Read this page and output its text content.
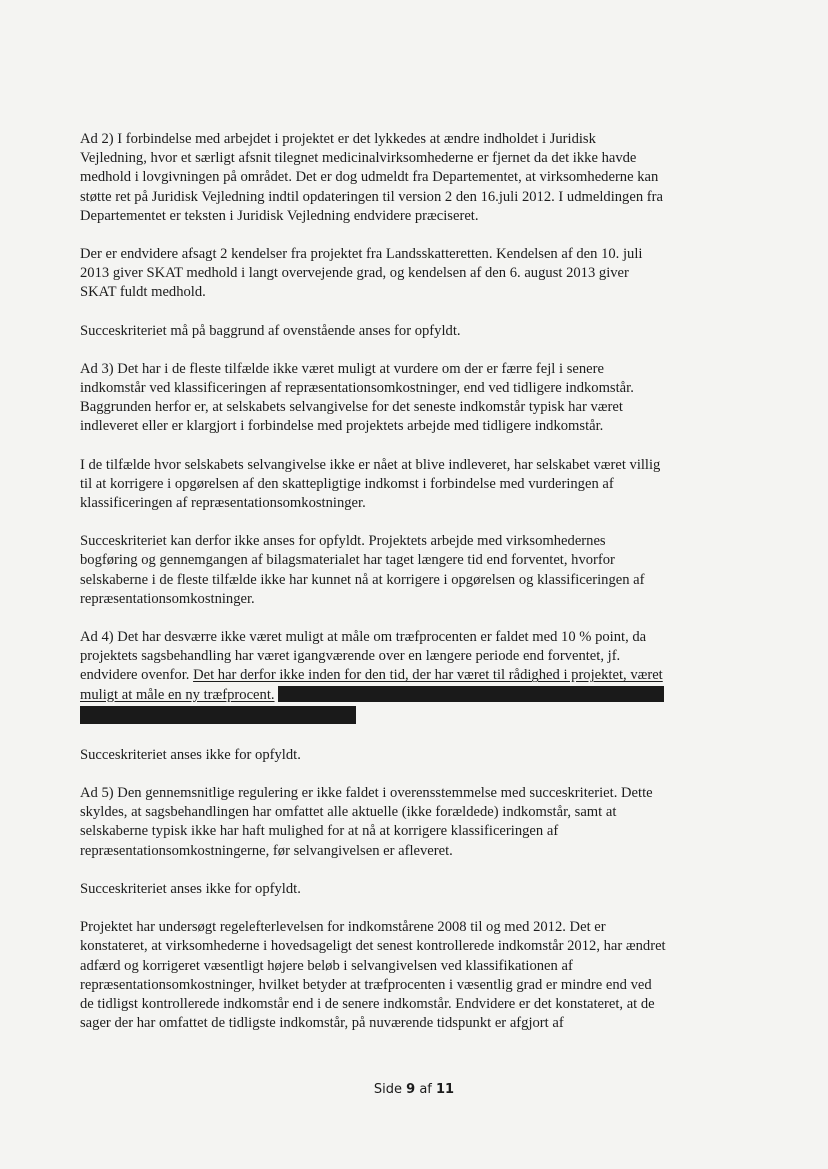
Ad 2) I forbindelse med arbejdet i projektet er det lykkedes at ændre indholdet i Juridisk
Vejledning, hvor et særligt afsnit tilegnet medicinalvirksomhederne er fjernet da det ikke havde
medhold i lovgivningen på området. Det er dog udmeldt fra Departementet, at virksomhederne kan
støtte ret på Juridisk Vejledning indtil opdateringen til version 2 den 16.juli 2012. I udmeldingen fra
Departementet er teksten i Juridisk Vejledning endvidere præciseret.

Der er endvidere afsagt 2 kendelser fra projektet fra Landsskatteretten. Kendelsen af den 10. juli
2013 giver SKAT medhold i langt overvejende grad, og kendelsen af den 6. august 2013 giver
SKAT fuldt medhold.

Succeskriteriet må på baggrund af ovenstående anses for opfyldt.

Ad 3) Det har i de fleste tilfælde ikke været muligt at vurdere om der er færre fejl i senere
indkomstår ved klassificeringen af repræsentationsomkostninger, end ved tidligere indkomstår.
Baggrunden herfor er, at selskabets selvangivelse for det seneste indkomstår typisk har været
indleveret eller er klargjort i forbindelse med projektets arbejde med tidligere indkomstår.

I de tilfælde hvor selskabets selvangivelse ikke er nået at blive indleveret, har selskabet været villig
til at korrigere i opgørelsen af den skattepligtige indkomst i forbindelse med vurderingen af
klassificeringen af repræsentationsomkostninger.

Succeskriteriet kan derfor ikke anses for opfyldt. Projektets arbejde med virksomhedernes
bogføring og gennemgangen af bilagsmaterialet har taget længere tid end forventet, hvorfor
selskaberne i de fleste tilfælde ikke har kunnet nå at korrigere i opgørelsen og klassificeringen af
repræsentationsomkostninger.

Ad 4) Det har desværre ikke været muligt at måle om træfprocenten er faldet med 10 % point, da
projektets sagsbehandling har været igangværende over en længere periode end forventet, jf.
endvidere ovenfor. Det har derfor ikke inden for den tid, der har været til rådighed i projektet, været
muligt at måle en ny træfprocent.

Succeskriteriet anses ikke for opfyldt.

Ad 5) Den gennemsnitlige regulering er ikke faldet i overensstemmelse med succeskriteriet. Dette
skyldes, at sagsbehandlingen har omfattet alle aktuelle (ikke forældede) indkomstår, samt at
selskaberne typisk ikke har haft mulighed for at nå at korrigere klassificeringen af
repræsentationsomkostningerne, før selvangivelsen er afleveret.

Succeskriteriet anses ikke for opfyldt.

Projektet har undersøgt regelefterlevelsen for indkomstårene 2008 til og med 2012. Det er
konstateret, at virksomhederne i hovedsageligt det senest kontrollerede indkomstår 2012, har ændret
adfærd og korrigeret væsentligt højere beløb i selvangivelsen ved klassifikationen af
repræsentationsomkostninger, hvilket betyder at træfprocenten i væsentlig grad er mindre end ved
de tidligst kontrollerede indkomstår end i de senere indkomstår. Endvidere er det konstateret, at de
sager der har omfattet de tidligste indkomstår, på nuværende tidspunkt er afgjort af

Side 9 af 11
